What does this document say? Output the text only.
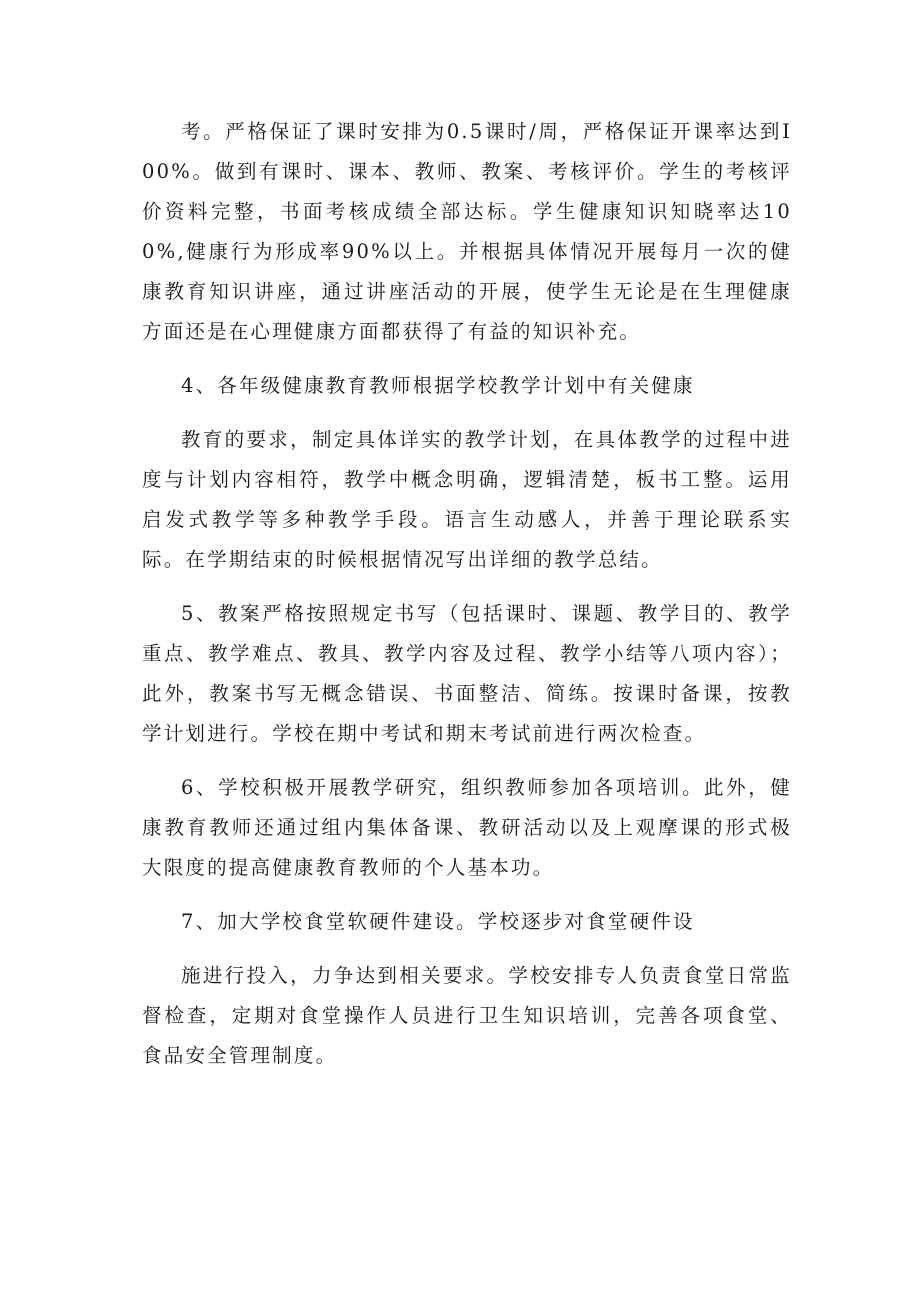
考。严格保证了课时安排为0.5课时/周，严格保证开课率达到I00%。做到有课时、课本、教师、教案、考核评价。学生的考核评价资料完整，书面考核成绩全部达标。学生健康知识知晓率达100%,健康行为形成率90%以上。并根据具体情况开展每月一次的健康教育知识讲座，通过讲座活动的开展，使学生无论是在生理健康方面还是在心理健康方面都获得了有益的知识补充。

4、各年级健康教育教师根据学校教学计划中有关健康

教育的要求，制定具体详实的教学计划，在具体教学的过程中进度与计划内容相符，教学中概念明确，逻辑清楚，板书工整。运用启发式教学等多种教学手段。语言生动感人，并善于理论联系实际。在学期结束的时候根据情况写出详细的教学总结。

5、教案严格按照规定书写（包括课时、课题、教学目的、教学重点、教学难点、教具、教学内容及过程、教学小结等八项内容）；此外，教案书写无概念错误、书面整洁、简练。按课时备课，按教学计划进行。学校在期中考试和期末考试前进行两次检查。

6、学校积极开展教学研究，组织教师参加各项培训。此外，健康教育教师还通过组内集体备课、教研活动以及上观摩课的形式极大限度的提高健康教育教师的个人基本功。

7、加大学校食堂软硬件建设。学校逐步对食堂硬件设

施进行投入，力争达到相关要求。学校安排专人负责食堂日常监督检查，定期对食堂操作人员进行卫生知识培训，完善各项食堂、食品安全管理制度。
